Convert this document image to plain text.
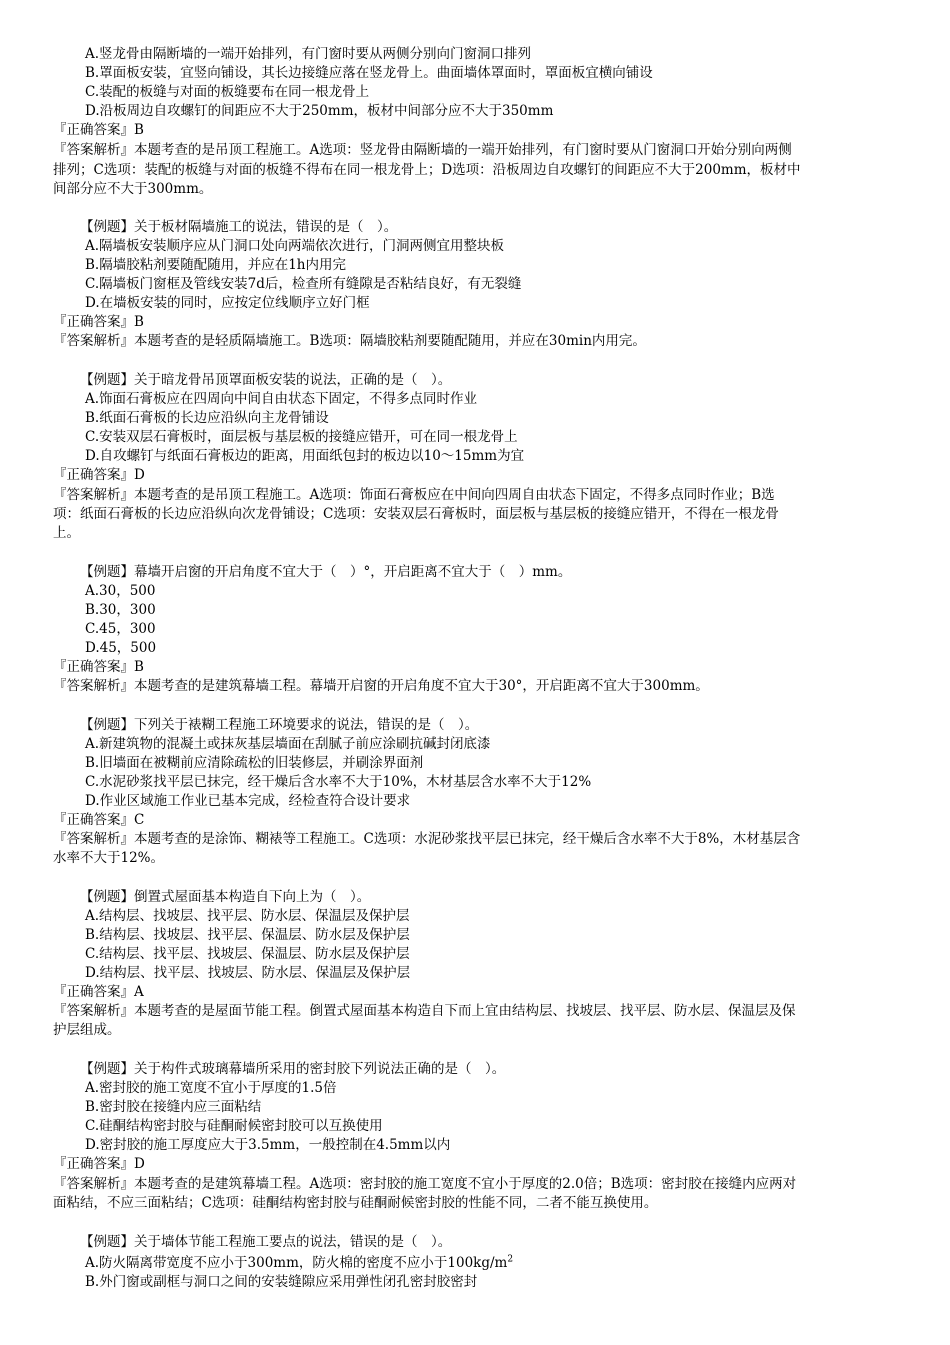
A.竖龙骨由隔断墙的一端开始排列，有门窗时要从两侧分别向门窗洞口排列
B.罩面板安装，宜竖向铺设，其长边接缝应落在竖龙骨上。曲面墙体罩面时，罩面板宜横向铺设
C.装配的板缝与对面的板缝要布在同一根龙骨上
D.沿板周边自攻螺钉的间距应不大于250mm，板材中间部分应不大于350mm
『正确答案』B
『答案解析』本题考查的是吊顶工程施工。A选项：竖龙骨由隔断墙的一端开始排列，有门窗时要从门窗洞口开始分别向两侧
排列；C选项：装配的板缝与对面的板缝不得布在同一根龙骨上；D选项：沿板周边自攻螺钉的间距应不大于200mm，板材中
间部分应不大于300mm。
【例题】关于板材隔墙施工的说法，错误的是（　）。
A.隔墙板安装顺序应从门洞口处向两端依次进行，门洞两侧宜用整块板
B.隔墙胶粘剂要随配随用，并应在1h内用完
C.隔墙板门窗框及管线安装7d后，检查所有缝隙是否粘结良好，有无裂缝
D.在墙板安装的同时，应按定位线顺序立好门框
『正确答案』B
『答案解析』本题考查的是轻质隔墙施工。B选项：隔墙胶粘剂要随配随用，并应在30min内用完。
【例题】关于暗龙骨吊顶罩面板安装的说法，正确的是（　）。
A.饰面石膏板应在四周向中间自由状态下固定，不得多点同时作业
B.纸面石膏板的长边应沿纵向主龙骨铺设
C.安装双层石膏板时，面层板与基层板的接缝应错开，可在同一根龙骨上
D.自攻螺钉与纸面石膏板边的距离，用面纸包封的板边以10～15mm为宜
『正确答案』D
『答案解析』本题考查的是吊顶工程施工。A选项：饰面石膏板应在中间向四周自由状态下固定，不得多点同时作业；B选
项：纸面石膏板的长边应沿纵向次龙骨铺设；C选项：安装双层石膏板时，面层板与基层板的接缝应错开，不得在一根龙骨
上。
【例题】幕墙开启窗的开启角度不宜大于（　）°，开启距离不宜大于（　）mm。
A.30，500
B.30，300
C.45，300
D.45，500
『正确答案』B
『答案解析』本题考查的是建筑幕墙工程。幕墙开启窗的开启角度不宜大于30°，开启距离不宜大于300mm。
【例题】下列关于裱糊工程施工环境要求的说法，错误的是（　）。
A.新建筑物的混凝土或抹灰基层墙面在刮腻子前应涂刷抗碱封闭底漆
B.旧墙面在被糊前应清除疏松的旧装修层，并刷涂界面剂
C.水泥砂浆找平层已抹完，经干燥后含水率不大于10%，木材基层含水率不大于12%
D.作业区域施工作业已基本完成，经检查符合设计要求
『正确答案』C
『答案解析』本题考查的是涂饰、糊裱等工程施工。C选项：水泥砂浆找平层已抹完，经干燥后含水率不大于8%，木材基层含
水率不大于12%。
【例题】倒置式屋面基本构造自下向上为（　）。
A.结构层、找坡层、找平层、防水层、保温层及保护层
B.结构层、找坡层、找平层、保温层、防水层及保护层
C.结构层、找平层、找坡层、保温层、防水层及保护层
D.结构层、找平层、找坡层、防水层、保温层及保护层
『正确答案』A
『答案解析』本题考查的是屋面节能工程。倒置式屋面基本构造自下而上宜由结构层、找坡层、找平层、防水层、保温层及保
护层组成。
【例题】关于构件式玻璃幕墙所采用的密封胶下列说法正确的是（　）。
A.密封胶的施工宽度不宜小于厚度的1.5倍
B.密封胶在接缝内应三面粘结
C.硅酮结构密封胶与硅酮耐候密封胶可以互换使用
D.密封胶的施工厚度应大于3.5mm，一般控制在4.5mm以内
『正确答案』D
『答案解析』本题考查的是建筑幕墙工程。A选项：密封胶的施工宽度不宜小于厚度的2.0倍；B选项：密封胶在接缝内应两对
面粘结，不应三面粘结；C选项：硅酮结构密封胶与硅酮耐候密封胶的性能不同，二者不能互换使用。
【例题】关于墙体节能工程施工要点的说法，错误的是（　）。
A.防火隔离带宽度不应小于300mm，防火棉的密度不应小于$100kg/m^2$
B.外门窗或副框与洞口之间的安装缝隙应采用弹性闭孔密封胶密封
